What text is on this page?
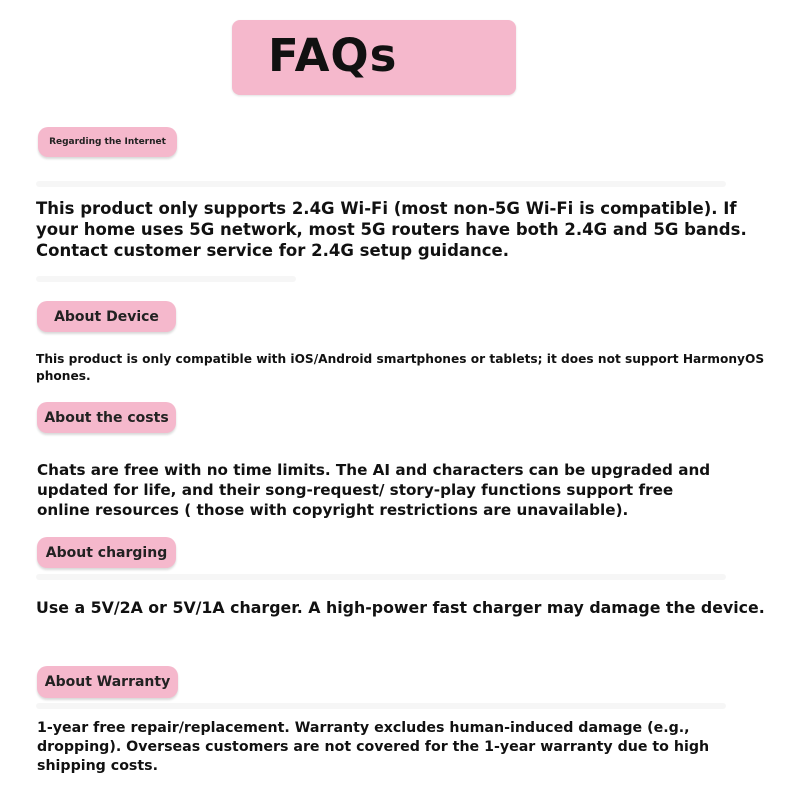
FAQs
Regarding the Internet

This product only supports 2.4G Wi-Fi (most non-5G Wi-Fi is compatible). If your home uses 5G network, most 5G routers have both 2.4G and 5G bands. Contact customer service for 2.4G setup guidance.

About Device

This product is only compatible with iOS/Android smartphones or tablets; it does not support HarmonyOS phones.

About the costs

Chats are free with no time limits. The AI and characters can be upgraded and updated for life, and their song-request/ story-play functions support free online resources ( those with copyright restrictions are unavailable).

About charging

Use a 5V/2A or 5V/1A charger. A high-power fast charger may damage the device.

About Warranty

1-year free repair/replacement. Warranty excludes human-induced damage (e.g., dropping). Overseas customers are not covered for the 1-year warranty due to high shipping costs.
